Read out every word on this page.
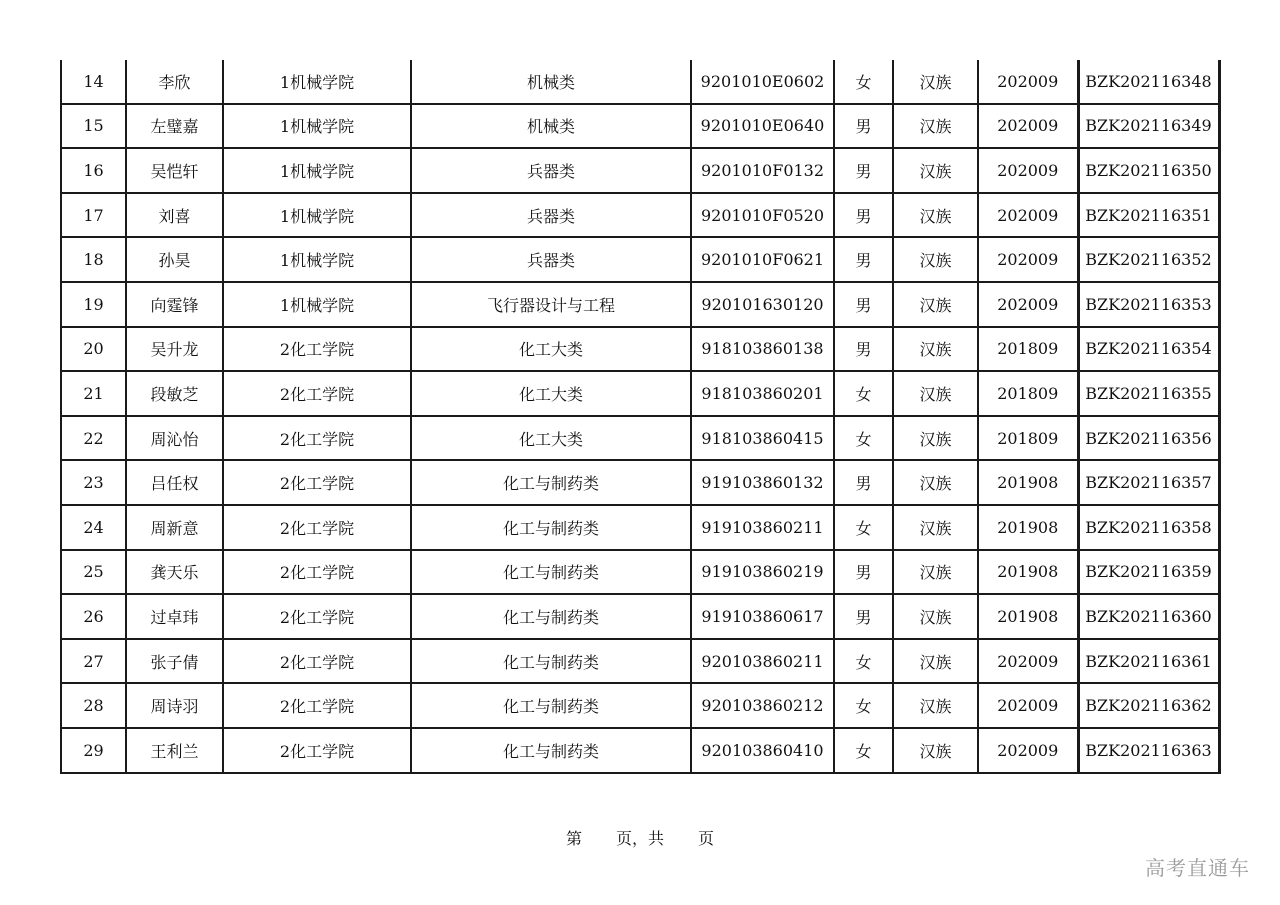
14	李欣	1机械学院	机械类	9201010E0602	女	汉族	202009	BZK202116348
15	左璧嘉	1机械学院	机械类	9201010E0640	男	汉族	202009	BZK202116349
16	吴恺轩	1机械学院	兵器类	9201010F0132	男	汉族	202009	BZK202116350
17	刘喜	1机械学院	兵器类	9201010F0520	男	汉族	202009	BZK202116351
18	孙昊	1机械学院	兵器类	9201010F0621	男	汉族	202009	BZK202116352
19	向霆锋	1机械学院	飞行器设计与工程	920101630120	男	汉族	202009	BZK202116353
20	吴升龙	2化工学院	化工大类	918103860138	男	汉族	201809	BZK202116354
21	段敏芝	2化工学院	化工大类	918103860201	女	汉族	201809	BZK202116355
22	周沁怡	2化工学院	化工大类	918103860415	女	汉族	201809	BZK202116356
23	吕任权	2化工学院	化工与制药类	919103860132	男	汉族	201908	BZK202116357
24	周新意	2化工学院	化工与制药类	919103860211	女	汉族	201908	BZK202116358
25	龚天乐	2化工学院	化工与制药类	919103860219	男	汉族	201908	BZK202116359
26	过卓玮	2化工学院	化工与制药类	919103860617	男	汉族	201908	BZK202116360
27	张子倩	2化工学院	化工与制药类	920103860211	女	汉族	202009	BZK202116361
28	周诗羽	2化工学院	化工与制药类	920103860212	女	汉族	202009	BZK202116362
29	王利兰	2化工学院	化工与制药类	920103860410	女	汉族	202009	BZK202116363
第 页，共 页
高考直通车
